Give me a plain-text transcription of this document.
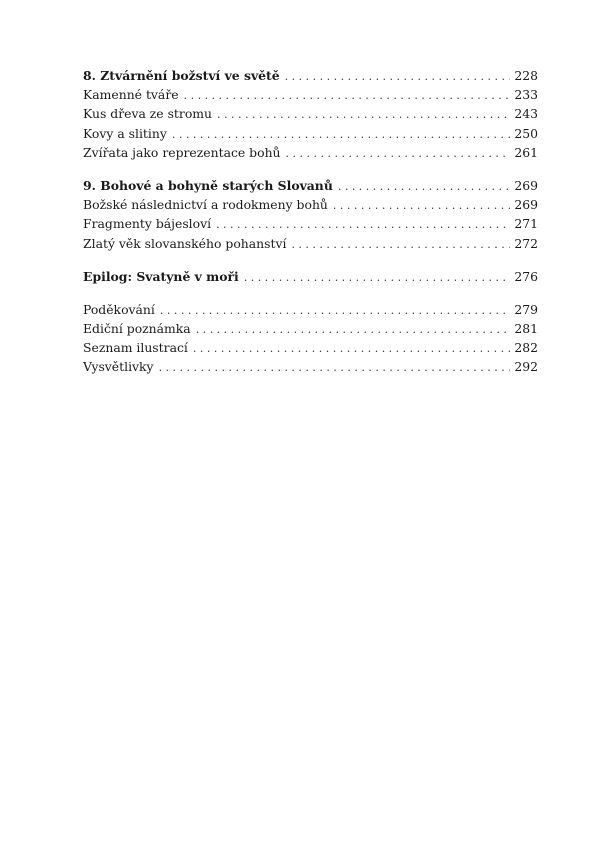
8. Ztvárnění božství ve světě . . .	228
Kamenné tváře . . .	233
Kus dřeva ze stromu . . .	243
Kovy a slitiny . . .	250
Zvířata jako reprezentace bohů . . .	261
9. Bohové a bohyně starých Slovanů . . .	269
Božské následnictví a rodokmeny bohů . . .	269
Fragmenty bájesloví . . .	271
Zlatý věk slovanského pohanství . . .	272
Epilog: Svatyně v moři . . .	276
Poděkování . . .	279
Ediční poznámka . . .	281
Seznam ilustrací . . .	282
Vysvětlivky . . .	292
